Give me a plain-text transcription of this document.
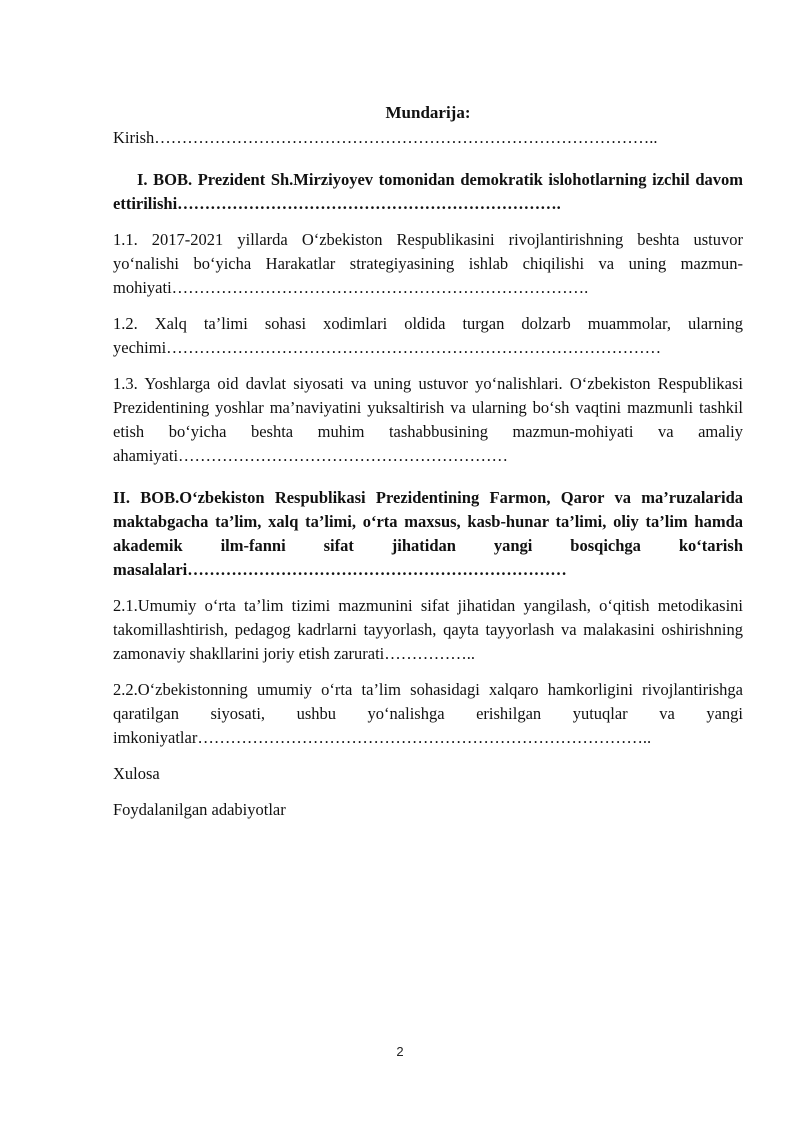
Mundarija:

Kirish………………………………………………………………………………..

I. BOB. Prezident Sh.Mirziyoyev tomonidan demokratik islohotlarning izchil davom ettirilishi…………………………………………………………….

1.1. 2017-2021 yillarda O‘zbekiston Respublikasini rivojlantirishning beshta ustuvor yo‘nalishi bo‘yicha Harakatlar strategiyasining ishlab chiqilishi va uning mazmun-mohiyati………………………………………………………………….

1.2. Xalq ta’limi sohasi xodimlari oldida turgan dolzarb muammolar, ularning yechimi………………………………………………………………………………

1.3. Yoshlarga oid davlat siyosati va uning ustuvor yo‘nalishlari. O‘zbekiston Respublikasi Prezidentining yoshlar ma’naviyatini yuksaltirish va ularning bo‘sh vaqtini mazmunli tashkil etish bo‘yicha beshta muhim tashabbusining mazmun-mohiyati va amaliy ahamiyati……………………………………………………

II. BOB.O‘zbekiston Respublikasi Prezidentining Farmon, Qaror va ma’ruzalarida maktabgacha ta’lim, xalq ta’limi, o‘rta maxsus, kasb-hunar ta’limi, oliy ta’lim hamda akademik ilm-fanni sifat jihatidan yangi bosqichga ko‘tarish masalalari……………………………………………………………

2.1.Umumiy o‘rta ta’lim tizimi mazmunini sifat jihatidan yangilash, o‘qitish metodikasini takomillashtirish, pedagog kadrlarni tayyorlash, qayta tayyorlash va malakasini oshirishning zamonaviy shakllarini joriy etish zarurati……………..

2.2.O‘zbekistonning umumiy o‘rta ta’lim sohasidagi xalqaro hamkorligini rivojlantirishga qaratilgan siyosati, ushbu yo‘nalishga erishilgan yutuqlar va yangi imkoniyatlar………………………………………………………………………..

Xulosa

Foydalanilgan adabiyotlar

2
